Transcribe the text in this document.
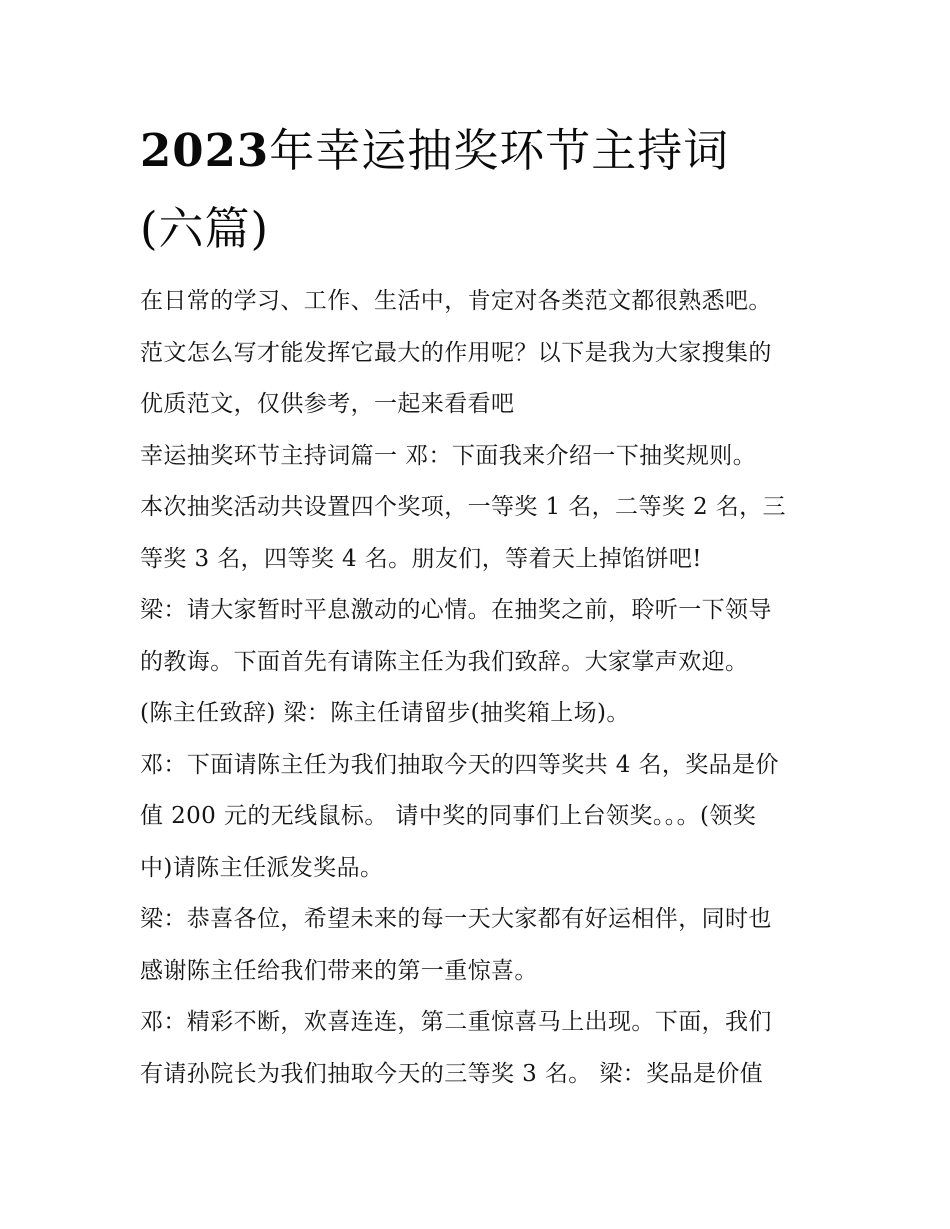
2023年幸运抽奖环节主持词
(六篇)

在日常的学习、工作、生活中，肯定对各类范文都很熟悉吧。

范文怎么写才能发挥它最大的作用呢？以下是我为大家搜集的

优质范文，仅供参考，一起来看看吧

幸运抽奖环节主持词篇一 邓：下面我来介绍一下抽奖规则。

本次抽奖活动共设置四个奖项，一等奖 1 名，二等奖 2 名，三

等奖 3 名，四等奖 4 名。朋友们，等着天上掉馅饼吧!

梁：请大家暂时平息激动的心情。在抽奖之前，聆听一下领导

的教诲。下面首先有请陈主任为我们致辞。大家掌声欢迎。

(陈主任致辞) 梁：陈主任请留步(抽奖箱上场)。

邓：下面请陈主任为我们抽取今天的四等奖共 4 名，奖品是价

值 200 元的无线鼠标。 请中奖的同事们上台领奖。。。(领奖

中)请陈主任派发奖品。

梁：恭喜各位，希望未来的每一天大家都有好运相伴，同时也

感谢陈主任给我们带来的第一重惊喜。

邓：精彩不断，欢喜连连，第二重惊喜马上出现。下面，我们

有请孙院长为我们抽取今天的三等奖 3 名。 梁：奖品是价值
